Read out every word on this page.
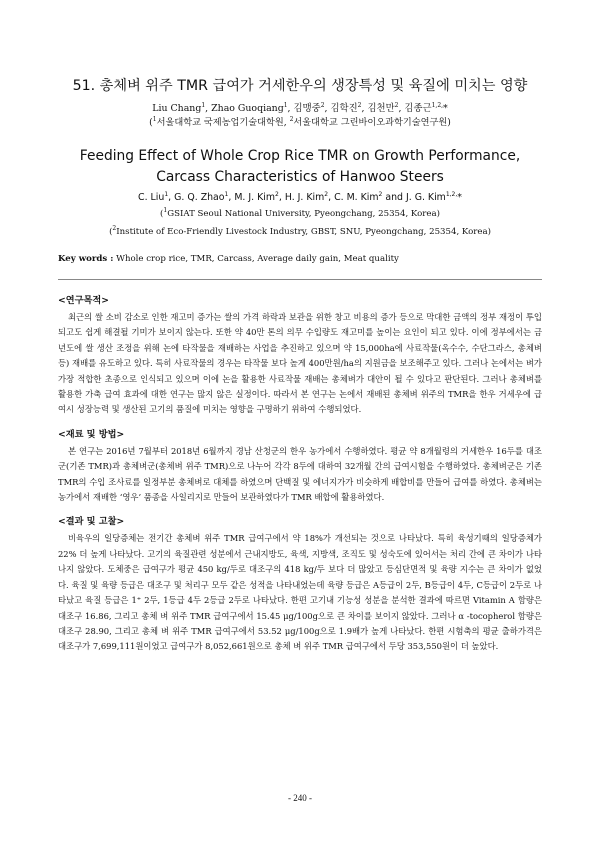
51. 총체벼 위주 TMR 급여가 거세한우의 생장특성 및 육질에 미치는 영향
Liu Chang$^1$, Zhao Guoqiang$^1$, 김맹중$^2$, 김학진$^2$, 김천만$^2$, 김종근$^{1,2,}$*
($^1$서울대학교 국제농업기술대학원, $^2$서울대학교 그린바이오과학기술연구원)
Feeding Effect of Whole Crop Rice TMR on Growth Performance, Carcass Characteristics of Hanwoo Steers
C. Liu$^1$, G. Q. Zhao$^1$, M. J. Kim$^2$, H. J. Kim$^2$, C. M. Kim$^2$ and J. G. Kim$^{1,2,}$*
($^1$GSIAT Seoul National University, Pyeongchang, 25354, Korea)
($^2$Institute of Eco-Friendly Livestock Industry, GBST, SNU, Pyeongchang, 25354, Korea)
Key words : Whole crop rice, TMR, Carcass, Average daily gain, Meat quality
<연구목적>

최근의 쌀 소비 감소로 인한 재고미 증가는 쌀의 가격 하락과 보관을 위한 창고 비용의 증가 등으로 막대한 금액의 정부 재정이 투입되고도 쉽게 해결될 기미가 보이지 않는다. 또한 약 40만 톤의 의무 수입량도 재고미를 높이는 요인이 되고 있다. 이에 정부에서는 금년도에 쌀 생산 조정을 위해 논에 타작물을 재배하는 사업을 추진하고 있으며 약 15,000ha에 사료작물(옥수수, 수단그라스, 총체벼 등) 재배를 유도하고 있다. 특히 사료작물의 경우는 타작물 보다 높게 400만원/ha의 지원금을 보조해주고 있다. 그러나 논에서는 벼가 가장 적합한 초종으로 인식되고 있으며 이에 논을 활용한 사료작물 재배는 총체벼가 대안이 될 수 있다고 판단된다. 그러나 총체벼를 활용한 가축 급여 효과에 대한 연구는 많지 않은 실정이다. 따라서 본 연구는 논에서 재배된 총체벼 위주의 TMR을 한우 거세우에 급여시 성장능력 및 생산된 고기의 품질에 미치는 영향을 구명하기 위하여 수행되었다.

<재료 및 방법>

본 연구는 2016년 7월부터 2018년 6월까지 경남 산청군의 한우 농가에서 수행하였다. 평균 약 8개월령의 거세한우 16두를 대조군(기존 TMR)과 총체벼군(총체벼 위주 TMR)으로 나누어 각각 8두에 대하여 32개월 간의 급여시험을 수행하였다. 총체벼군은 기존 TMR의 수입 조사료를 일정부분 총체벼로 대체를 하였으며 단백질 및 에너지가가 비슷하게 배합비를 만들어 급여를 하였다. 총체벼는 농가에서 재배한 ‘영우’ 품종을 사일리지로 만들어 보관하였다가 TMR 배합에 활용하였다.

<결과 및 고찰>

비육우의 일당증체는 전기간 총체벼 위주 TMR 급여구에서 약 18%가 개선되는 것으로 나타났다. 특히 육성기때의 일당증체가 22% 더 높게 나타났다. 고기의 육질관련 성분에서 근내지방도, 육색, 지방색, 조직도 및 성숙도에 있어서는 처리 간에 큰 차이가 나타나지 않았다. 도체중은 급여구가 평균 450 kg/두로 대조구의 418 kg/두 보다 더 많았고 등심단면적 및 육량 지수는 큰 차이가 없었다. 육질 및 육량 등급은 대조구 및 처리구 모두 같은 성적을 나타내었는데 육량 등급은 A등급이 2두, B등급이 4두, C등급이 2두로 나타났고 육질 등급은 1⁺ 2두, 1등급 4두 2등급 2두로 나타났다. 한편 고기내 기능성 성분을 분석한 결과에 따르면 Vitamin A 함량은 대조구 16.86, 그리고 총체 벼 위주 TMR 급여구에서 15.45 μg/100g으로 큰 차이를 보이지 않았다. 그러나 α -tocopherol 함량은 대조구 28.90, 그리고 총체 벼 위주 TMR 급여구에서 53.52 μg/100g으로 1.9배가 높게 나타났다. 한편 시험축의 평균 출하가격은 대조구가 7,699,111원이었고 급여구가 8,052,661원으로 총체 벼 위주 TMR 급여구에서 두당 353,550원이 더 높았다.

- 240 -
